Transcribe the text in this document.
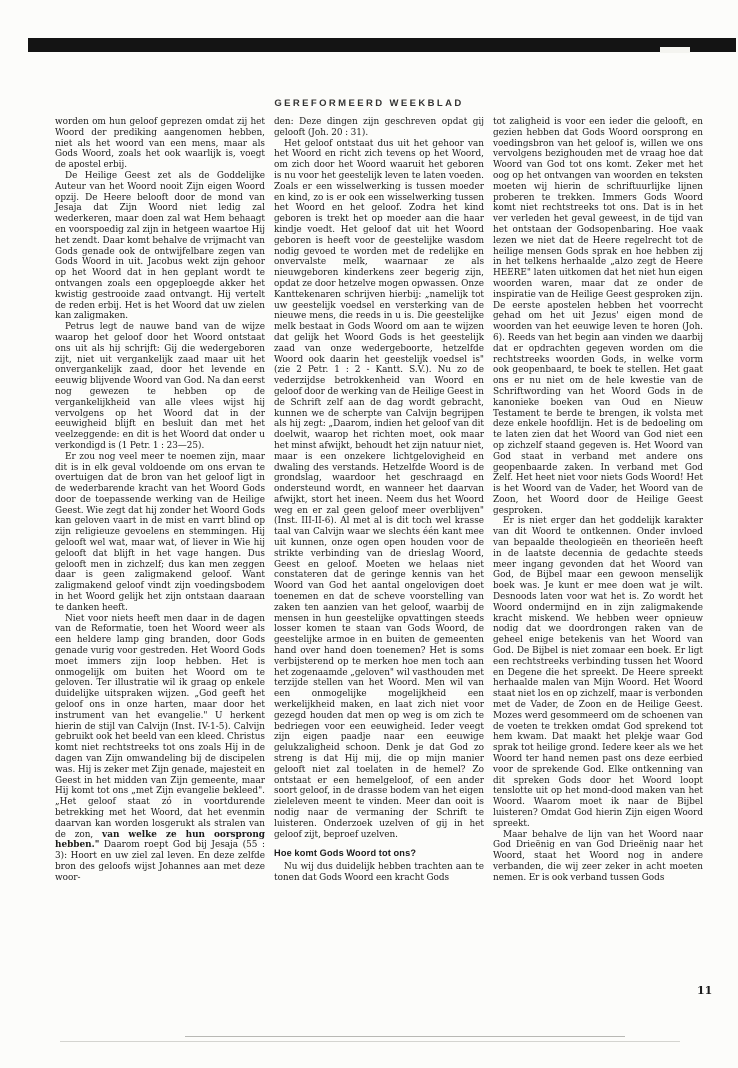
GEREFORMEERD WEEKBLAD

worden om hun geloof geprezen omdat zij het Woord der prediking aangenomen hebben, niet als het woord van een mens, maar als Gods Woord, zoals het ook waarlijk is, voegt de apostel erbij.

De Heilige Geest zet als de Goddelijke Auteur van het Woord nooit Zijn eigen Woord opzij. De Heere belooft door de mond van Jesaja dat Zijn Woord niet ledig zal wederkeren, maar doen zal wat Hem behaagt en voorspoedig zal zijn in hetgeen waartoe Hij het zendt. Daar komt behalve de vrijmacht van Gods genade ook de ontwijfelbare zegen van Gods Woord in uit. Jacobus wekt zijn gehoor op het Woord dat in hen geplant wordt te ontvangen zoals een opgeploegde akker het kwistig gestrooide zaad ontvangt. Hij vertelt de reden erbij. Het is het Woord dat uw zielen kan zaligmaken.

Petrus legt de nauwe band van de wijze waarop het geloof door het Woord ontstaat ons uit als hij schrijft: Gij die wedergeboren zijt, niet uit vergankelijk zaad maar uit het onvergankelijk zaad, door het levende en eeuwig blijvende Woord van God. Na dan eerst nog gewezen te hebben op de vergankelijkheid van alle vlees wijst hij vervolgens op het Woord dat in der eeuwigheid blijft en besluit dan met het veelzeggende: en dit is het Woord dat onder u verkondigd is (1 Petr. 1 : 23—25).

Er zou nog veel meer te noemen zijn, maar dit is in elk geval voldoende om ons ervan te overtuigen dat de bron van het geloof ligt in de wederbarende kracht van het Woord Gods door de toepassende werking van de Heilige Geest. Wie zegt dat hij zonder het Woord Gods kan geloven vaart in de mist en varrt blind op zijn religieuze gevoelens en stemmingen. Hij gelooft wel wat, maar wat, of liever in Wie hij gelooft dat blijft in het vage hangen. Dus gelooft men in zichzelf; dus kan men zeggen daar is geen zaligmakend geloof. Want zaligmakend geloof vindt zijn voedingsbodem in het Woord gelijk het zijn ontstaan daaraan te danken heeft.

Niet voor niets heeft men daar in de dagen van de Reformatie, toen het Woord weer als een heldere lamp ging branden, door Gods genade vurig voor gestreden. Het Woord Gods moet immers zijn loop hebben. Het is onmogelijk om buiten het Woord om te geloven. Ter illustratie wil ik graag op enkele duidelijke uitspraken wijzen. „God geeft het geloof ons in onze harten, maar door het instrument van het evangelie." U herkent hierin de stijl van Calvijn (Inst. IV-1-5). Calvijn gebruikt ook het beeld van een kleed. Christus komt niet rechtstreeks tot ons zoals Hij in de dagen van Zijn omwandeling bij de discipelen was. Hij is zeker met Zijn genade, majesteit en Geest in het midden van Zijn gemeente, maar Hij komt tot ons „met Zijn evangelie bekleed". „Het geloof staat zó in voortdurende betrekking met het Woord, dat het evenmin daarvan kan worden losgerukt als stralen van de zon, van welke ze hun oorsprong hebben." Daarom roept God bij Jesaja (55 : 3): Hoort en uw ziel zal leven. En deze zelfde bron des geloofs wijst Johannes aan met deze woor-

den: Deze dingen zijn geschreven opdat gij gelooft (Joh. 20 : 31).

Het geloof ontstaat dus uit het gehoor van het Woord en richt zich tevens op het Woord, om zich door het Woord waaruit het geboren is nu voor het geestelijk leven te laten voeden. Zoals er een wisselwerking is tussen moeder en kind, zo is er ook een wisselwerking tussen het Woord en het geloof. Zodra het kind geboren is trekt het op moeder aan die haar kindje voedt. Het geloof dat uit het Woord geboren is heeft voor de geestelijke wasdom nodig gevoed te worden met de redelijke en onvervalste melk, waarnaar ze als nieuwgeboren kinderkens zeer begerig zijn, opdat ze door hetzelve mogen opwassen. Onze Kanttekenaren schrijven hierbij: „namelijk tot uw geestelijk voedsel en versterking van de nieuwe mens, die reeds in u is. Die geestelijke melk bestaat in Gods Woord om aan te wijzen dat gelijk het Woord Gods is het geestelijk zaad van onze wedergeboorte, hetzelfde Woord ook daarin het geestelijk voedsel is" (zie 2 Petr. 1 : 2 - Kantt. S.V.). Nu zo de vederzijdse betrokkenheid van Woord en geloof door de werking van de Heilige Geest in de Schrift zelf aan de dag wordt gebracht, kunnen we de scherpte van Calvijn begrijpen als hij zegt: „Daarom, indien het geloof van dit doelwit, waarop het richten moet, ook maar het minst afwijkt, behoudt het zijn natuur niet, maar is een onzekere lichtgelovigheid en dwaling des verstands. Hetzelfde Woord is de grondslag, waardoor het geschraagd en ondersteund wordt, en wanneer het daarvan afwijkt, stort het ineen. Neem dus het Woord weg en er zal geen geloof meer overblijven" (Inst. III-II-6). Al met al is dit toch wel krasse taal van Calvijn waar we slechts één kant mee uit kunnen, onze ogen open houden voor de strikte verbinding van de drieslag Woord, Geest en geloof. Moeten we helaas niet constateren dat de geringe kennis van het Woord van God het aantal ongelovigen doet toenemen en dat de scheve voorstelling van zaken ten aanzien van het geloof, waarbij de mensen in hun geestelijke opvattingen steeds losser komen te staan van Gods Woord, de geestelijke armoe in en buiten de gemeenten hand over hand doen toenemen? Het is soms verbijsterend op te merken hoe men toch aan het zogenaamde „geloven" wil vasthouden met terzijde stellen van het Woord. Men wil van een onmogelijke mogelijkheid een werkelijkheid maken, en laat zich niet voor gezegd houden dat men op weg is om zich te bedriegen voor een eeuwigheid. Ieder veegt zijn eigen paadje naar een eeuwige gelukzaligheid schoon. Denk je dat God zo streng is dat Hij mij, die op mijn manier gelooft niet zal toelaten in de hemel? Zo ontstaat er een hemelgeloof, of een ander soort geloof, in de drasse bodem van het eigen zieleleven meent te vinden. Meer dan ooit is nodig naar de vermaning der Schrift te luisteren. Onderzoek uzelven of gij in het geloof zijt, beproef uzelven.

Hoe komt Gods Woord tot ons?

Nu wij dus duidelijk hebben trachten aan te tonen dat Gods Woord een kracht Gods

tot zaligheid is voor een ieder die gelooft, en gezien hebben dat Gods Woord oorsprong en voedingsbron van het geloof is, willen we ons vervolgens bezighouden met de vraag hoe dat Woord van God tot ons komt. Zeker met het oog op het ontvangen van woorden en teksten moeten wij hierin de schriftuurlijke lijnen proberen te trekken. Immers Gods Woord komt niet rechtstreeks tot ons. Dat is in het ver verleden het geval geweest, in de tijd van het ontstaan der Godsopenbaring. Hoe vaak lezen we niet dat de Heere regelrecht tot de heilige mensen Gods sprak en hoe hebben zij in het telkens herhaalde „alzo zegt de Heere HEERE" laten uitkomen dat het niet hun eigen woorden waren, maar dat ze onder de inspiratie van de Heilige Geest gesproken zijn. De eerste apostelen hebben het voorrecht gehad om het uit Jezus' eigen mond de woorden van het eeuwige leven te horen (Joh. 6). Reeds van het begin aan vinden we daarbij dat er opdrachten gegeven worden om die rechtstreeks woorden Gods, in welke vorm ook geopenbaard, te boek te stellen. Het gaat ons er nu niet om de hele kwestie van de Schriftwording van het Woord Gods in de kanonieke boeken van Oud en Nieuw Testament te berde te brengen, ik volsta met deze enkele hoofdlijn. Het is de bedoeling om te laten zien dat het Woord van God niet een op zichzelf staand gegeven is. Het Woord van God staat in verband met andere ons geopenbaarde zaken. In verband met God Zelf. Het heet niet voor niets Gods Woord! Het is het Woord van de Vader, het Woord van de Zoon, het Woord door de Heilige Geest gesproken.

Er is niet erger dan het goddelijk karakter van dit Woord te ontkennen. Onder invloed van bepaalde theologieën en theorieën heeft in de laatste decennia de gedachte steeds meer ingang gevonden dat het Woord van God, de Bijbel maar een gewoon menselijk boek was. Je kunt er mee doen wat je wilt. Desnoods laten voor wat het is. Zo wordt het Woord ondermijnd en in zijn zaligmakende kracht miskend. We hebben weer opnieuw nodig dat we doordrongen raken van de geheel enige betekenis van het Woord van God. De Bijbel is niet zomaar een boek. Er ligt een rechtstreeks verbinding tussen het Woord en Degene die het spreekt. De Heere spreekt herhaalde malen van Mijn Woord. Het Woord staat niet los en op zichzelf, maar is verbonden met de Vader, de Zoon en de Heilige Geest. Mozes werd gesommeerd om de schoenen van de voeten te trekken omdat God sprekend tot hem kwam. Dat maakt het plekje waar God sprak tot heilige grond. Iedere keer als we het Woord ter hand nemen past ons deze eerbied voor de sprekende God. Elke ontkenning van dit spreken Gods door het Woord loopt tenslotte uit op het mond-dood maken van het Woord. Waarom moet ik naar de Bijbel luisteren? Omdat God hierin Zijn eigen Woord spreekt.

Maar behalve de lijn van het Woord naar God Drieënig en van God Drieënig naar het Woord, staat het Woord nog in andere verbanden, die wij zeer zeker in acht moeten nemen. Er is ook verband tussen Gods

11
